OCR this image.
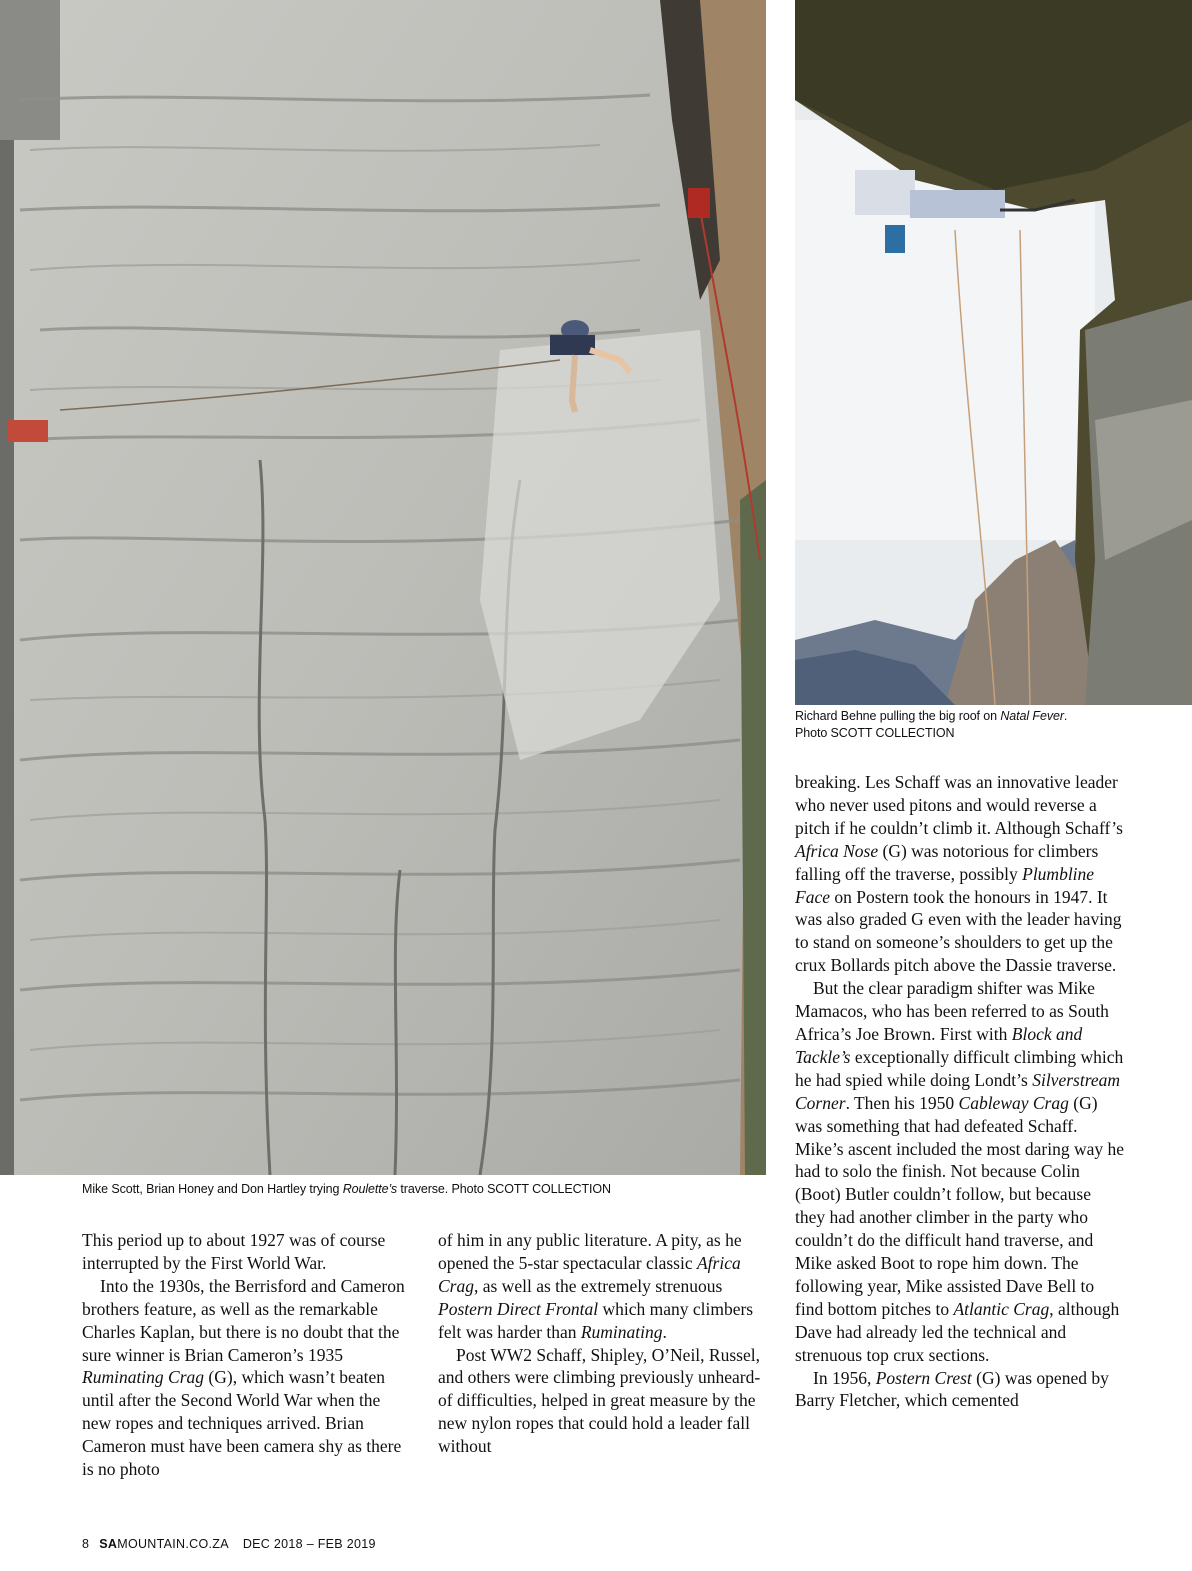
Mike Scott, Brian Honey and Don Hartley trying Roulette’s traverse. Photo SCOTT COLLECTION
Richard Behne pulling the big roof on Natal Fever.
Photo SCOTT COLLECTION

This period up to about 1927 was of course interrupted by the First World War.

Into the 1930s, the Berrisford and Cameron brothers feature, as well as the remarkable Charles Kaplan, but there is no doubt that the sure winner is Brian Cameron’s 1935 Ruminating Crag (G), which wasn’t beaten until after the Second World War when the new ropes and techniques arrived. Brian Cameron must have been camera shy as there is no photo

of him in any public literature. A pity, as he opened the 5-star spectacular classic Africa Crag, as well as the extremely strenuous Postern Direct Frontal which many climbers felt was harder than Ruminating.

Post WW2 Schaff, Shipley, O’Neil, Russel, and others were climbing previously unheard-of difficulties, helped in great measure by the new nylon ropes that could hold a leader fall without

breaking. Les Schaff was an innovative leader who never used pitons and would reverse a pitch if he couldn’t climb it. Although Schaff’s Africa Nose (G) was notorious for climbers falling off the traverse, possibly Plumbline Face on Postern took the honours in 1947. It was also graded G even with the leader having to stand on someone’s shoulders to get up the crux Bollards pitch above the Dassie traverse.

But the clear paradigm shifter was Mike Mamacos, who has been referred to as South Africa’s Joe Brown. First with Block and Tackle’s exceptionally difficult climbing which he had spied while doing Londt’s Silverstream Corner. Then his 1950 Cableway Crag (G) was something that had defeated Schaff. Mike’s ascent included the most daring way he had to solo the finish. Not because Colin (Boot) Butler couldn’t follow, but because they had another climber in the party who couldn’t do the difficult hand traverse, and Mike asked Boot to rope him down. The following year, Mike assisted Dave Bell to find bottom pitches to Atlantic Crag, although Dave had already led the technical and strenuous top crux sections.

In 1956, Postern Crest (G) was opened by Barry Fletcher, which cemented

8 SAMOUNTAIN.CO.ZA DEC 2018 – FEB 2019
